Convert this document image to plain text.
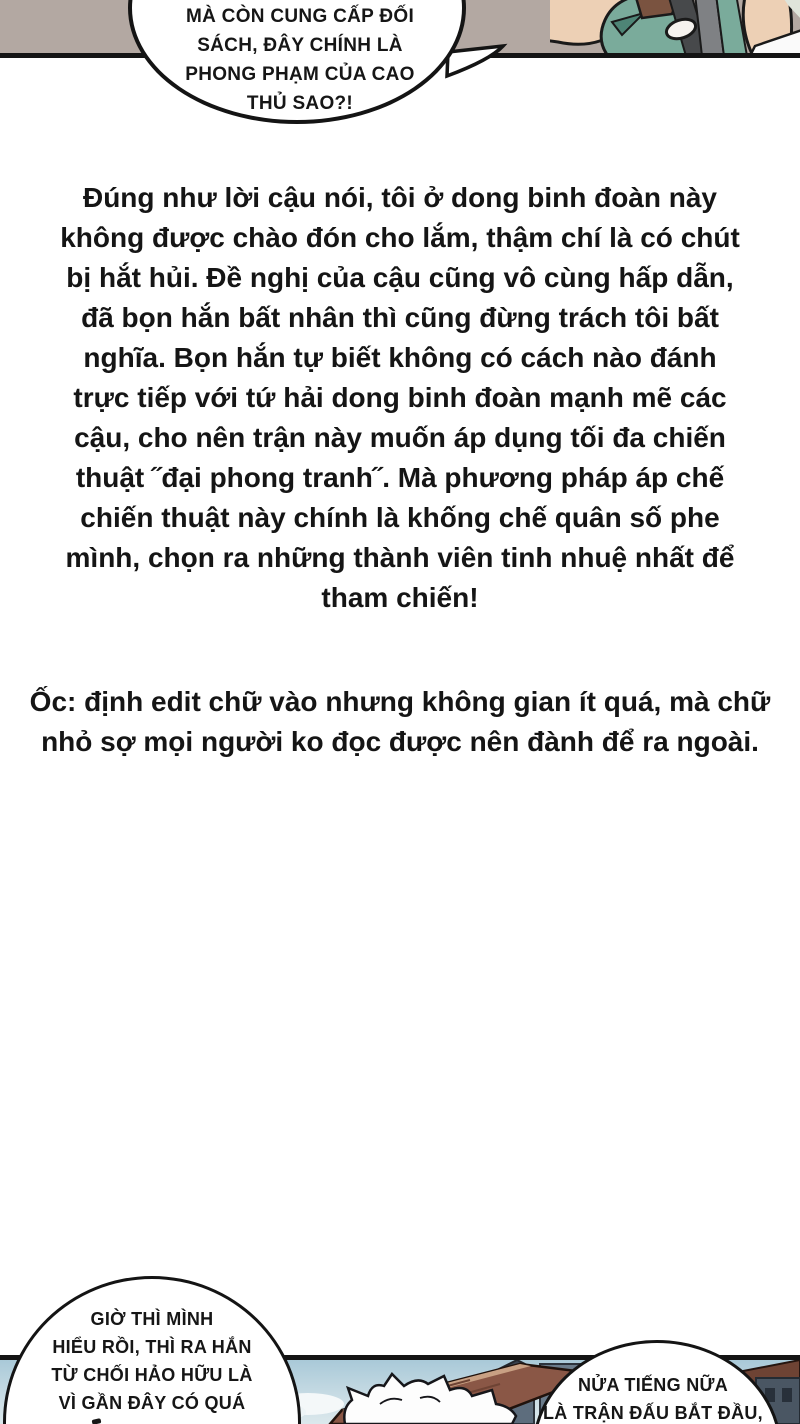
MÀ CÒN CUNG CẤP ĐỐI
SÁCH, ĐÂY CHÍNH LÀ
PHONG PHẠM CỦA CAO
THỦ SAO?!
Đúng như lời cậu nói, tôi ở dong binh đoàn này
không được chào đón cho lắm, thậm chí là có chút
bị hắt hủi. Đề nghị của cậu cũng vô cùng hấp dẫn,
đã bọn hắn bất nhân thì cũng đừng trách tôi bất
nghĩa. Bọn hắn tự biết không có cách nào đánh
trực tiếp với tứ hải dong binh đoàn mạnh mẽ các
cậu, cho nên trận này muốn áp dụng tối đa chiến
thuật ˝đại phong tranh˝. Mà phương pháp áp chế
chiến thuật này chính là khống chế quân số phe
mình, chọn ra những thành viên tinh nhuệ nhất để
tham chiến!
Ốc: định edit chữ vào nhưng không gian ít quá, mà chữ
nhỏ sợ mọi người ko đọc được nên đành để ra ngoài.
GIỜ THÌ MÌNH
HIỂU RỒI, THÌ RA HẮN
TỪ CHỐI HẢO HỮU LÀ
VÌ GẦN ĐÂY CÓ QUÁ
NỬA TIẾNG NỮA
LÀ TRẬN ĐẤU BẮT ĐẦU,
